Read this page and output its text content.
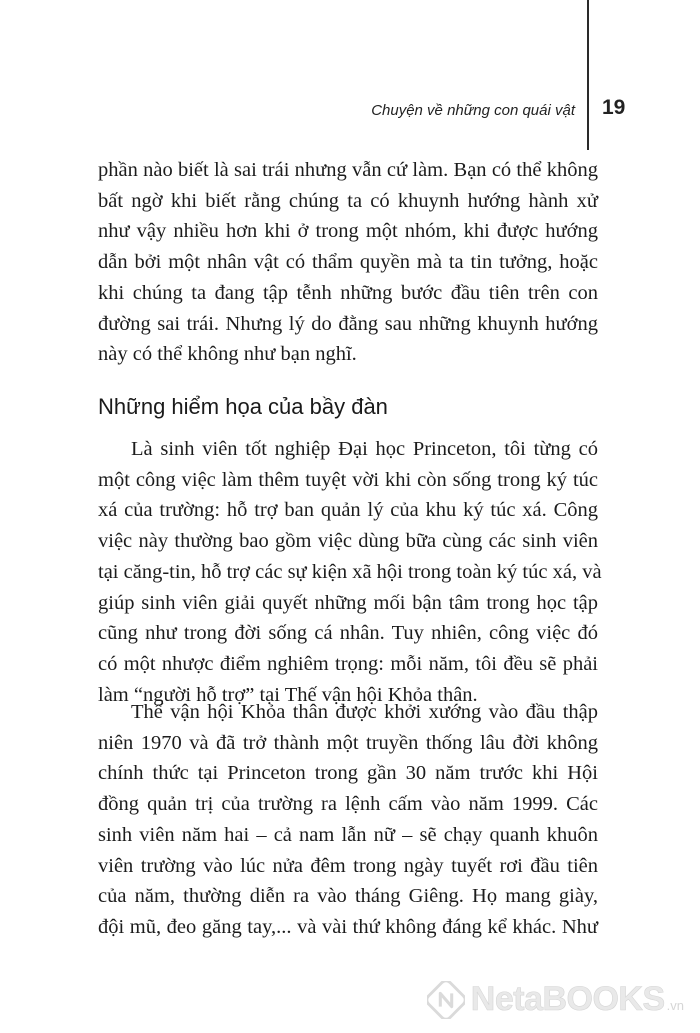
Chuyện về những con quái vật 19
phần nào biết là sai trái nhưng vẫn cứ làm. Bạn có thể không
bất ngờ khi biết rằng chúng ta có khuynh hướng hành xử
như vậy nhiều hơn khi ở trong một nhóm, khi được hướng
dẫn bởi một nhân vật có thẩm quyền mà ta tin tưởng, hoặc
khi chúng ta đang tập tễnh những bước đầu tiên trên con
đường sai trái. Nhưng lý do đằng sau những khuynh hướng
này có thể không như bạn nghĩ.
Những hiểm họa của bầy đàn
Là sinh viên tốt nghiệp Đại học Princeton, tôi từng có
một công việc làm thêm tuyệt vời khi còn sống trong ký túc
xá của trường: hỗ trợ ban quản lý của khu ký túc xá. Công
việc này thường bao gồm việc dùng bữa cùng các sinh viên
tại căng-tin, hỗ trợ các sự kiện xã hội trong toàn ký túc xá, và
giúp sinh viên giải quyết những mối bận tâm trong học tập
cũng như trong đời sống cá nhân. Tuy nhiên, công việc đó
có một nhược điểm nghiêm trọng: mỗi năm, tôi đều sẽ phải
làm “người hỗ trợ” tại Thế vận hội Khỏa thân.
Thế vận hội Khỏa thân được khởi xướng vào đầu thập
niên 1970 và đã trở thành một truyền thống lâu đời không
chính thức tại Princeton trong gần 30 năm trước khi Hội
đồng quản trị của trường ra lệnh cấm vào năm 1999. Các
sinh viên năm hai – cả nam lẫn nữ – sẽ chạy quanh khuôn
viên trường vào lúc nửa đêm trong ngày tuyết rơi đầu tiên
của năm, thường diễn ra vào tháng Giêng. Họ mang giày,
đội mũ, đeo găng tay,... và vài thứ không đáng kể khác. Như
NetaBOOKS .vn
